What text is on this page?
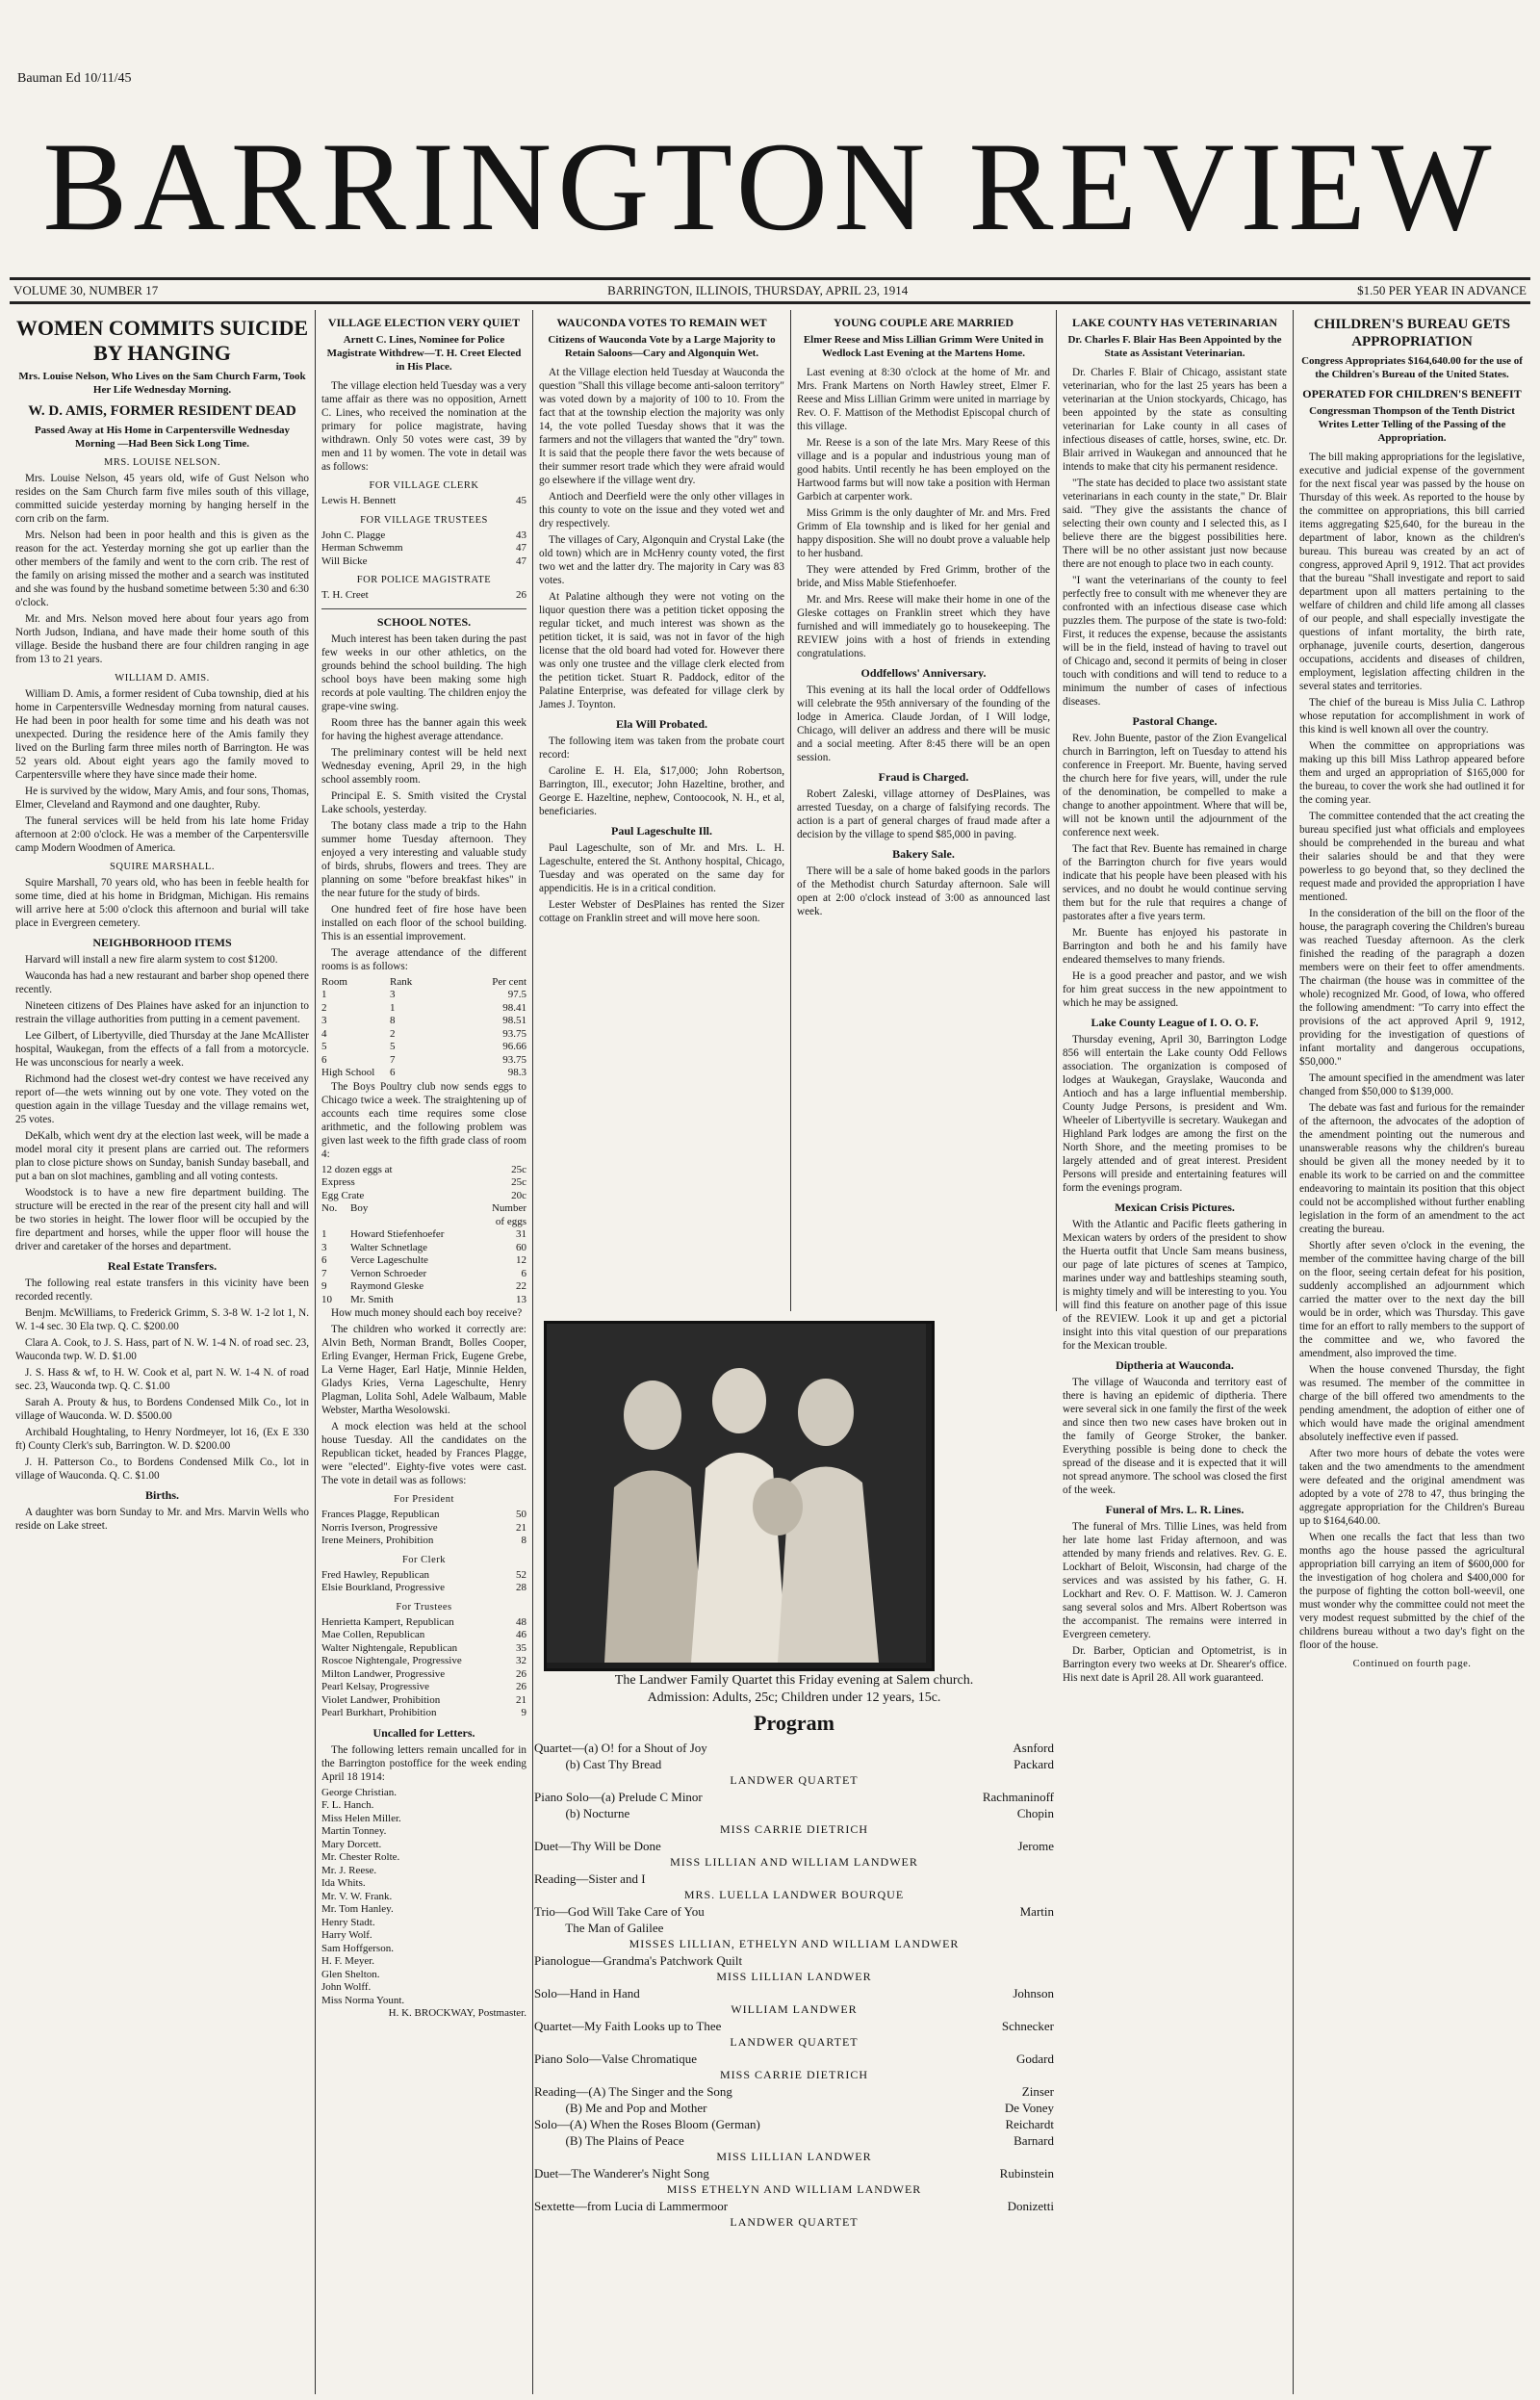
Bauman Ed 10/11/45
BARRINGTON REVIEW
VOLUME 30, NUMBER 17	BARRINGTON, ILLINOIS, THURSDAY, APRIL 23, 1914	$1.50 PER YEAR IN ADVANCE
WOMEN COMMITS SUICIDE BY HANGING
Mrs. Louise Nelson, Who Lives on the Sam Church Farm, Took Her Life Wednesday Morning.
W. D. AMIS, FORMER RESIDENT DEAD
Passed Away at His Home in Carpentersville Wednesday Morning —Had Been Sick Long Time.
MRS. LOUISE NELSON.

Mrs. Louise Nelson, 45 years old, wife of Gust Nelson who resides on the Sam Church farm five miles south of this village, committed suicide yesterday morning by hanging herself in the corn crib on the farm.

Mrs. Nelson had been in poor health and this is given as the reason for the act. Yesterday morning she got up earlier than the other members of the family and went to the corn crib. The rest of the family on arising missed the mother and a search was instituted and she was found by the husband sometime between 5:30 and 6:30 o'clock.

Mr. and Mrs. Nelson moved here about four years ago from North Judson, Indiana, and have made their home south of this village. Beside the husband there are four children ranging in age from 13 to 21 years.

WILLIAM D. AMIS.

William D. Amis, a former resident of Cuba township, died at his home in Carpentersville Wednesday morning from natural causes. He had been in poor health for some time and his death was not unexpected. During the residence here of the Amis family they lived on the Burling farm three miles north of Barrington. He was 52 years old. About eight years ago the family moved to Carpentersville where they have since made their home.

He is survived by the widow, Mary Amis, and four sons, Thomas, Elmer, Cleveland and Raymond and one daughter, Ruby.

The funeral services will be held from his late home Friday afternoon at 2:00 o'clock. He was a member of the Carpentersville camp Modern Woodmen of America.

SQUIRE MARSHALL.

Squire Marshall, 70 years old, who has been in feeble health for some time, died at his home in Bridgman, Michigan. His remains will arrive here at 5:00 o'clock this afternoon and burial will take place in Evergreen cemetery.

NEIGHBORHOOD ITEMS

Harvard will install a new fire alarm system to cost $1200.

Wauconda has had a new restaurant and barber shop opened there recently.

Nineteen citizens of Des Plaines have asked for an injunction to restrain the village authorities from putting in a cement pavement.

Lee Gilbert, of Libertyville, died Thursday at the Jane McAllister hospital, Waukegan, from the effects of a fall from a motorcycle. He was unconscious for nearly a week.

Richmond had the closest wet-dry contest we have received any report of—the wets winning out by one vote. They voted on the question again in the village Tuesday and the village remains wet, 25 votes.

DeKalb, which went dry at the election last week, will be made a model moral city it present plans are carried out. The reformers plan to close picture shows on Sunday, banish Sunday baseball, and put a ban on slot machines, gambling and all voting contests.

Woodstock is to have a new fire department building. The structure will be erected in the rear of the present city hall and will be two stories in height. The lower floor will be occupied by the fire department and horses, while the upper floor will house the driver and caretaker of the horses and department.

Real Estate Transfers.

The following real estate transfers in this vicinity have been recorded recently.

Benjm. McWilliams, to Frederick Grimm, S. 3-8 W. 1-2 lot 1, N. W. 1-4 sec. 30 Ela twp. Q. C. $200.00

Clara A. Cook, to J. S. Hass, part of N. W. 1-4 N. of road sec. 23, Wauconda twp. W. D. $1.00

J. S. Hass & wf, to H. W. Cook et al, part N. W. 1-4 N. of road sec. 23, Wauconda twp. Q. C. $1.00

Sarah A. Prouty & hus, to Bordens Condensed Milk Co., lot in village of Wauconda. W. D. $500.00

Archibald Houghtaling, to Henry Nordmeyer, lot 16, (Ex E 330 ft) County Clerk's sub, Barrington. W. D. $200.00

J. H. Patterson Co., to Bordens Condensed Milk Co., lot in village of Wauconda. Q. C. $1.00

Births.

A daughter was born Sunday to Mr. and Mrs. Marvin Wells who reside on Lake street.

VILLAGE ELECTION VERY QUIET
Arnett C. Lines, Nominee for Police Magistrate Withdrew—T. H. Creet Elected in His Place.

The village election held Tuesday was a very tame affair as there was no opposition, Arnett C. Lines, who received the nomination at the primary for police magistrate, having withdrawn. Only 50 votes were cast, 39 by men and 11 by women. The vote in detail was as follows:

FOR VILLAGE CLERK
Lewis H. Bennett	45
FOR VILLAGE TRUSTEES
John C. Plagge	43
Herman Schwemm	47
Will Bicke	47
FOR POLICE MAGISTRATE
T. H. Creet	26
SCHOOL NOTES.

Much interest has been taken during the past few weeks in our other athletics, on the grounds behind the school building. The high school boys have been making some high records at pole vaulting. The children enjoy the grape-vine swing.

Room three has the banner again this week for having the highest average attendance.

The preliminary contest will be held next Wednesday evening, April 29, in the high school assembly room.

Principal E. S. Smith visited the Crystal Lake schools, yesterday.

The botany class made a trip to the Hahn summer home Tuesday afternoon. They enjoyed a very interesting and valuable study of birds, shrubs, flowers and trees. They are planning on some "before breakfast hikes" in the near future for the study of birds.

One hundred feet of fire hose have been installed on each floor of the school building. This is an essential improvement.

The average attendance of the different rooms is as follows:

Room	Rank	Per cent
1	3	97.5
2	1	98.41
3	8	98.51
4	2	93.75
5	5	96.66
6	7	93.75
High School	6	98.3

The Boys Poultry club now sends eggs to Chicago twice a week. The straightening up of accounts each time requires some close arithmetic, and the following problem was given last week to the fifth grade class of room 4:

12 dozen eggs at	25c
Express	25c
Egg Crate	20c
No.	Boy	Number of eggs
1	Howard Stiefenhoefer	31
3	Walter Schnetlage	60
6	Verce Lageschulte	12
7	Vernon Schroeder	6
9	Raymond Gleske	22
10	Mr. Smith	13

How much money should each boy receive?

The children who worked it correctly are: Alvin Beth, Norman Brandt, Bolles Cooper, Erling Evanger, Herman Frick, Eugene Grebe, La Verne Hager, Earl Hatje, Minnie Helden, Gladys Kries, Verna Lageschulte, Henry Plagman, Lolita Sohl, Adele Walbaum, Mable Webster, Martha Wesolowski.

A mock election was held at the school house Tuesday. All the candidates on the Republican ticket, headed by Frances Plagge, were "elected". Eighty-five votes were cast. The vote in detail was as follows:

For President
Frances Plagge, Republican	50
Norris Iverson, Progressive	21
Irene Meiners, Prohibition	8
For Clerk
Fred Hawley, Republican	52
Elsie Bourkland, Progressive	28
For Trustees
Henrietta Kampert, Republican	48
Mae Collen, Republican	46
Walter Nightengale, Republican	35
Roscoe Nightengale, Progressive	32
Milton Landwer, Progressive	26
Pearl Kelsay, Progressive	26
Violet Landwer, Prohibition	21
Pearl Burkhart, Prohibition	9
Uncalled for Letters.

The following letters remain uncalled for in the Barrington postoffice for the week ending April 18 1914:

George Christian.
F. L. Hanch.
Miss Helen Miller.
Martin Tonney.
Mary Dorcett.
Mr. Chester Rolte.
Mr. J. Reese.
Ida Whits.
Mr. V. W. Frank.
Mr. Tom Hanley.
Henry Stadt.
Harry Wolf.
Sam Hoffgerson.
H. F. Meyer.
Glen Shelton.
John Wolff.
Miss Norma Yount.
H. K. BROCKWAY, Postmaster.
WAUCONDA VOTES TO REMAIN WET
Citizens of Wauconda Vote by a Large Majority to Retain Saloons—Cary and Algonquin Wet.

At the Village election held Tuesday at Wauconda the question "Shall this village become anti-saloon territory" was voted down by a majority of 100 to 10. From the fact that at the township election the majority was only 14, the vote polled Tuesday shows that it was the farmers and not the villagers that wanted the "dry" town. It is said that the people there favor the wets because of their summer resort trade which they were afraid would go elsewhere if the village went dry.

Antioch and Deerfield were the only other villages in this county to vote on the issue and they voted wet and dry respectively.

The villages of Cary, Algonquin and Crystal Lake (the old town) which are in McHenry county voted, the first two wet and the latter dry. The majority in Cary was 83 votes.

At Palatine although they were not voting on the liquor question there was a petition ticket opposing the regular ticket, and much interest was shown as the petition ticket, it is said, was not in favor of the high license that the old board had voted for. However there was only one trustee and the village clerk elected from the petition ticket. Stuart R. Paddock, editor of the Palatine Enterprise, was defeated for village clerk by James J. Toynton.

Ela Will Probated.

The following item was taken from the probate court record:

Caroline E. H. Ela, $17,000; John Robertson, Barrington, Ill., executor; John Hazeltine, brother, and George E. Hazeltine, nephew, Contoocook, N. H., et al, beneficiaries.

Paul Lageschulte Ill.

Paul Lageschulte, son of Mr. and Mrs. L. H. Lageschulte, entered the St. Anthony hospital, Chicago, Tuesday and was operated on the same day for appendicitis. He is in a critical condition.

Lester Webster of DesPlaines has rented the Sizer cottage on Franklin street and will move here soon.

YOUNG COUPLE ARE MARRIED
Elmer Reese and Miss Lillian Grimm Were United in Wedlock Last Evening at the Martens Home.

Last evening at 8:30 o'clock at the home of Mr. and Mrs. Frank Martens on North Hawley street, Elmer F. Reese and Miss Lillian Grimm were united in marriage by Rev. O. F. Mattison of the Methodist Episcopal church of this village.

Mr. Reese is a son of the late Mrs. Mary Reese of this village and is a popular and industrious young man of good habits. Until recently he has been employed on the Hartwood farms but will now take a position with Herman Garbich at carpenter work.

Miss Grimm is the only daughter of Mr. and Mrs. Fred Grimm of Ela township and is liked for her genial and happy disposition. She will no doubt prove a valuable help to her husband.

They were attended by Fred Grimm, brother of the bride, and Miss Mable Stiefenhoefer.

Mr. and Mrs. Reese will make their home in one of the Gleske cottages on Franklin street which they have furnished and will immediately go to housekeeping. The REVIEW joins with a host of friends in extending congratulations.

Oddfellows' Anniversary.

This evening at its hall the local order of Oddfellows will celebrate the 95th anniversary of the founding of the lodge in America. Claude Jordan, of I Will lodge, Chicago, will deliver an address and there will be music and a social meeting. After 8:45 there will be an open session.

Fraud is Charged.

Robert Zaleski, village attorney of DesPlaines, was arrested Tuesday, on a charge of falsifying records. The action is a part of general charges of fraud made after a decision by the village to spend $85,000 in paving.

Bakery Sale.

There will be a sale of home baked goods in the parlors of the Methodist church Saturday afternoon. Sale will open at 2:00 o'clock instead of 3:00 as announced last week.

LAKE COUNTY HAS VETERINARIAN
Dr. Charles F. Blair Has Been Appointed by the State as Assistant Veterinarian.

Dr. Charles F. Blair of Chicago, assistant state veterinarian, who for the last 25 years has been a veterinarian at the Union stockyards, Chicago, has been appointed by the state as consulting veterinarian for Lake county in all cases of infectious diseases of cattle, horses, swine, etc. Dr. Blair arrived in Waukegan and announced that he intends to make that city his permanent residence.

"The state has decided to place two assistant state veterinarians in each county in the state," Dr. Blair said. "They give the assistants the chance of selecting their own county and I selected this, as I believe there are the biggest possibilities here. There will be no other assistant just now because there are not enough to place two in each county.

"I want the veterinarians of the county to feel perfectly free to consult with me whenever they are confronted with an infectious disease case which puzzles them. The purpose of the state is two-fold: First, it reduces the expense, because the assistants will be in the field, instead of having to travel out of Chicago and, second it permits of being in closer touch with conditions and will tend to reduce to a minimum the number of cases of infectious diseases.

Pastoral Change.

Rev. John Buente, pastor of the Zion Evangelical church in Barrington, left on Tuesday to attend his conference in Freeport. Mr. Buente, having served the church here for five years, will, under the rule of the denomination, be compelled to make a change to another appointment. Where that will be, will not be known until the adjournment of the conference next week.

The fact that Rev. Buente has remained in charge of the Barrington church for five years would indicate that his people have been pleased with his services, and no doubt he would continue serving them but for the rule that requires a change of pastorates after a five years term.

Mr. Buente has enjoyed his pastorate in Barrington and both he and his family have endeared themselves to many friends.

He is a good preacher and pastor, and we wish for him great success in the new appointment to which he may be assigned.

Lake County League of I. O. O. F.

Thursday evening, April 30, Barrington Lodge 856 will entertain the Lake county Odd Fellows association. The organization is composed of lodges at Waukegan, Grayslake, Wauconda and Antioch and has a large influential membership. County Judge Persons, is president and Wm. Wheeler of Libertyville is secretary. Waukegan and Highland Park lodges are among the first on the North Shore, and the meeting promises to be largely attended and of great interest. President Persons will preside and entertaining features will form the evenings program.

Mexican Crisis Pictures.

With the Atlantic and Pacific fleets gathering in Mexican waters by orders of the president to show the Huerta outfit that Uncle Sam means business, our page of late pictures of scenes at Tampico, marines under way and battleships steaming south, is mighty timely and will be interesting to you. You will find this feature on another page of this issue of the REVIEW. Look it up and get a pictorial insight into this vital question of our preparations for the Mexican trouble.

Diptheria at Wauconda.

The village of Wauconda and territory east of there is having an epidemic of diptheria. There were several sick in one family the first of the week and since then two new cases have broken out in the family of George Stroker, the banker. Everything possible is being done to check the spread of the disease and it is expected that it will not spread anymore. The school was closed the first of the week.

Funeral of Mrs. L. R. Lines.

The funeral of Mrs. Tillie Lines, was held from her late home last Friday afternoon, and was attended by many friends and relatives. Rev. G. E. Lockhart of Beloit, Wisconsin, had charge of the services and was assisted by his father, G. H. Lockhart and Rev. O. F. Mattison. W. J. Cameron sang several solos and Mrs. Albert Robertson was the accompanist. The remains were interred in Evergreen cemetery.

Dr. Barber, Optician and Optometrist, is in Barrington every two weeks at Dr. Shearer's office. His next date is April 28. All work guaranteed.

CHILDREN'S BUREAU GETS APPROPRIATION
Congress Appropriates $164,640.00 for the use of the Children's Bureau of the United States.
OPERATED FOR CHILDREN'S BENEFIT
Congressman Thompson of the Tenth District Writes Letter Telling of the Passing of the Appropriation.

The bill making appropriations for the legislative, executive and judicial expense of the government for the next fiscal year was passed by the house on Thursday of this week. As reported to the house by the committee on appropriations, this bill carried items aggregating $25,640, for the bureau in the department of labor, known as the children's bureau. This bureau was created by an act of congress, approved April 9, 1912. That act provides that the bureau "Shall investigate and report to said department upon all matters pertaining to the welfare of children and child life among all classes of our people, and shall especially investigate the questions of infant mortality, the birth rate, orphanage, juvenile courts, desertion, dangerous occupations, accidents and diseases of children, employment, legislation affecting children in the several states and territories.

The chief of the bureau is Miss Julia C. Lathrop whose reputation for accomplishment in work of this kind is well known all over the country.

When the committee on appropriations was making up this bill Miss Lathrop appeared before them and urged an appropriation of $165,000 for the bureau, to cover the work she had outlined it for the coming year.

The committee contended that the act creating the bureau specified just what officials and employees should be comprehended in the bureau and what their salaries should be and that they were powerless to go beyond that, so they declined the request made and provided the appropriation I have mentioned.

In the consideration of the bill on the floor of the house, the paragraph covering the Children's bureau was reached Tuesday afternoon. As the clerk finished the reading of the paragraph a dozen members were on their feet to offer amendments. The chairman (the house was in committee of the whole) recognized Mr. Good, of Iowa, who offered the following amendment: "To carry into effect the provisions of the act approved April 9, 1912, providing for the investigation of questions of infant mortality and dangerous occupations, $50,000."

The amount specified in the amendment was later changed from $50,000 to $139,000.

The debate was fast and furious for the remainder of the afternoon, the advocates of the adoption of the amendment pointing out the numerous and unanswerable reasons why the children's bureau should be given all the money needed by it to enable its work to be carried on and the committee endeavoring to maintain its position that this object could not be accomplished without further enabling legislation in the form of an amendment to the act creating the bureau.

Shortly after seven o'clock in the evening, the member of the committee having charge of the bill on the floor, seeing certain defeat for his position, suddenly accomplished an adjournment which carried the matter over to the next day the bill would be in order, which was Thursday. This gave time for an effort to rally members to the support of the committee and we, who favored the amendment, also improved the time.

When the house convened Thursday, the fight was resumed. The member of the committee in charge of the bill offered two amendments to the pending amendment, the adoption of either one of which would have made the original amendment absolutely ineffective even if passed.

After two more hours of debate the votes were taken and the two amendments to the amendment were defeated and the original amendment was adopted by a vote of 278 to 47, thus bringing the aggregate appropriation for the Children's Bureau up to $164,640.00.

When one recalls the fact that less than two months ago the house passed the agricultural appropriation bill carrying an item of $600,000 for the investigation of hog cholera and $400,000 for the purpose of fighting the cotton boll-weevil, one must wonder why the committee could not meet the very modest request submitted by the chief of the childrens bureau without a two day's fight on the floor of the house.

Continued on fourth page.
The Landwer Family Quartet this Friday evening at Salem church.
Admission: Adults, 25c; Children under 12 years, 15c.
Program
Quartet—(a) O! for a Shout of Joy	Asnford
(b) Cast Thy Bread	Packard
LANDWER QUARTET
Piano Solo—(a) Prelude C Minor	Rachmaninoff
(b) Nocturne	Chopin
MISS CARRIE DIETRICH
Duet—Thy Will be Done	Jerome
MISS LILLIAN AND WILLIAM LANDWER
Reading—Sister and I
MRS. LUELLA LANDWER BOURQUE
Trio—God Will Take Care of You	Martin
The Man of Galilee
MISSES LILLIAN, ETHELYN AND WILLIAM LANDWER
Pianologue—Grandma's Patchwork Quilt
MISS LILLIAN LANDWER
Solo—Hand in Hand	Johnson
WILLIAM LANDWER
Quartet—My Faith Looks up to Thee	Schnecker
LANDWER QUARTET
Piano Solo—Valse Chromatique	Godard
MISS CARRIE DIETRICH
Reading—(A) The Singer and the Song	Zinser
(B) Me and Pop and Mother	De Voney
Solo—(A) When the Roses Bloom (German)	Reichardt
(B) The Plains of Peace	Barnard
MISS LILLIAN LANDWER
Duet—The Wanderer's Night Song	Rubinstein
MISS ETHELYN AND WILLIAM LANDWER
Sextette—from Lucia di Lammermoor	Donizetti
LANDWER QUARTET
